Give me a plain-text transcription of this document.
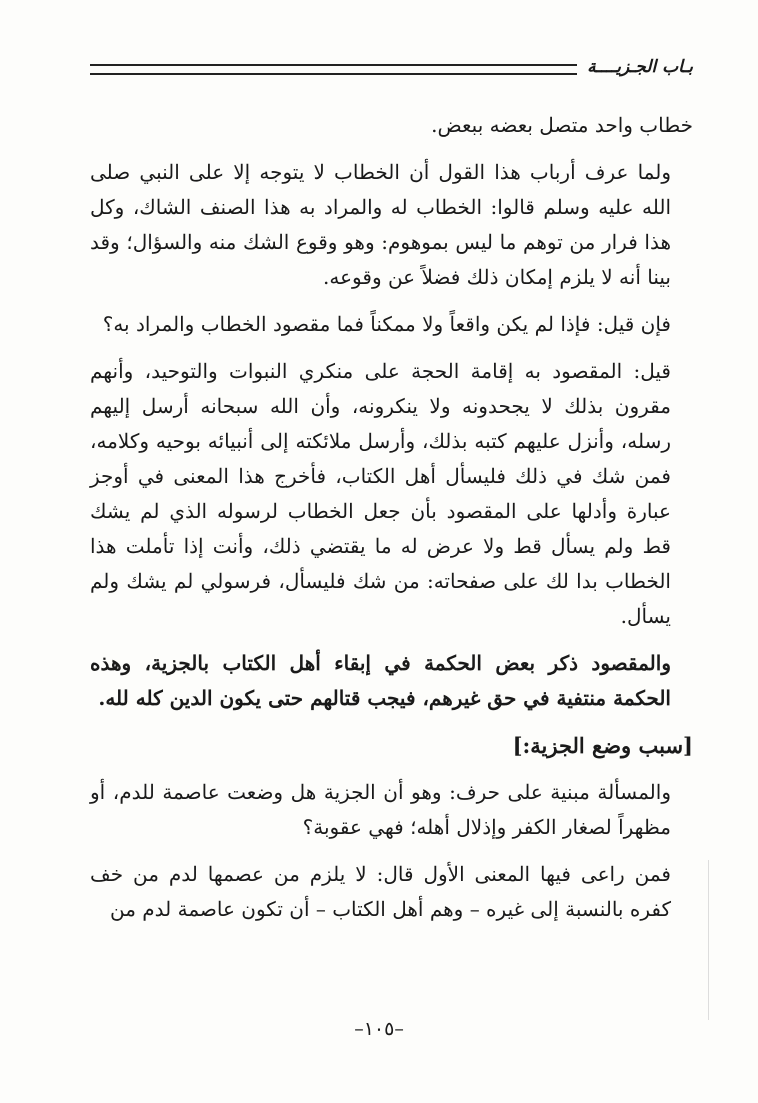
بـاب الجـزيــــة

خطاب واحد متصل بعضه ببعض.

ولما عرف أرباب هذا القول أن الخطاب لا يتوجه إلا على النبي صلى الله عليه وسلم قالوا: الخطاب له والمراد به هذا الصنف الشاك، وكل هذا فرار من توهم ما ليس بموهوم: وهو وقوع الشك منه والسؤال؛ وقد بينا أنه لا يلزم إمكان ذلك فضلاً عن وقوعه.

فإن قيل: فإذا لم يكن واقعاً ولا ممكناً فما مقصود الخطاب والمراد به؟

قيل: المقصود به إقامة الحجة على منكري النبوات والتوحيد، وأنهم مقرون بذلك لا يجحدونه ولا ينكرونه، وأن الله سبحانه أرسل إليهم رسله، وأنزل عليهم كتبه بذلك، وأرسل ملائكته إلى أنبيائه بوحيه وكلامه، فمن شك في ذلك فليسأل أهل الكتاب، فأخرج هذا المعنى في أوجز عبارة وأدلها على المقصود بأن جعل الخطاب لرسوله الذي لم يشك قط ولم يسأل قط ولا عرض له ما يقتضي ذلك، وأنت إذا تأملت هذا الخطاب بدا لك على صفحاته: من شك فليسأل، فرسولي لم يشك ولم يسأل.

والمقصود ذكر بعض الحكمة في إبقاء أهل الكتاب بالجزية، وهذه الحكمة منتفية في حق غيرهم، فيجب قتالهم حتى يكون الدين كله لله.

[سبب وضع الجزية:]

والمسألة مبنية على حرف: وهو أن الجزية هل وضعت عاصمة للدم، أو مظهراً لصغار الكفر وإذلال أهله؛ فهي عقوبة؟

فمن راعى فيها المعنى الأول قال: لا يلزم من عصمها لدم من خف كفره بالنسبة إلى غيره – وهم أهل الكتاب – أن تكون عاصمة لدم من

–١٠٥–
